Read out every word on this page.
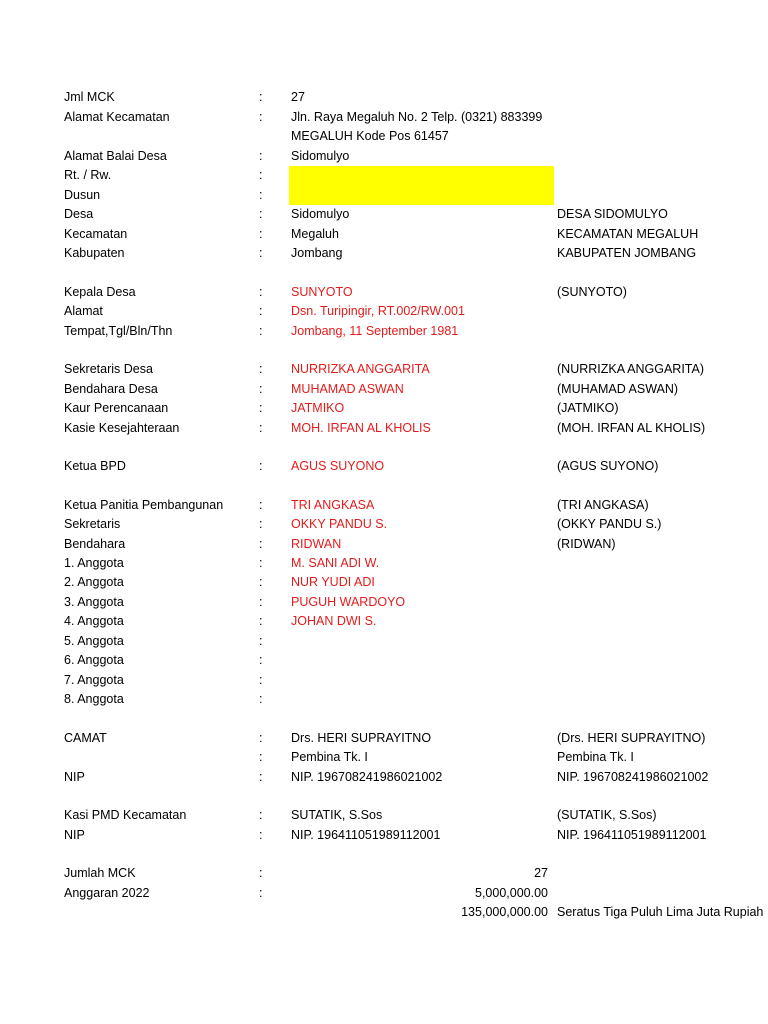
Jml MCK	: 27
Alamat Kecamatan	: Jln. Raya Megaluh No. 2 Telp. (0321) 883399
MEGALUH Kode Pos 61457
Alamat Balai Desa	: Sidomulyo
Rt. / Rw.	:
Dusun	:
Desa	: Sidomulyo	DESA SIDOMULYO
Kecamatan	: Megaluh	KECAMATAN MEGALUH
Kabupaten	: Jombang	KABUPATEN JOMBANG
Kepala Desa	: SUNYOTO	(SUNYOTO)
Alamat	: Dsn. Turipingir, RT.002/RW.001
Tempat,Tgl/Bln/Thn	: Jombang, 11 September 1981
Sekretaris Desa	: NURRIZKA ANGGARITA	(NURRIZKA ANGGARITA)
Bendahara Desa	: MUHAMAD ASWAN	(MUHAMAD ASWAN)
Kaur Perencanaan	: JATMIKO	(JATMIKO)
Kasie Kesejahteraan	: MOH. IRFAN AL KHOLIS	(MOH. IRFAN AL KHOLIS)
Ketua BPD	: AGUS SUYONO	(AGUS SUYONO)
Ketua Panitia Pembangunan	: TRI ANGKASA	(TRI ANGKASA)
Sekretaris	: OKKY PANDU S.	(OKKY PANDU S.)
Bendahara	: RIDWAN	(RIDWAN)
1. Anggota	: M. SANI ADI W.
2. Anggota	: NUR YUDI ADI
3. Anggota	: PUGUH WARDOYO
4. Anggota	: JOHAN DWI S.
5. Anggota	:
6. Anggota	:
7. Anggota	:
8. Anggota	:
CAMAT	: Drs. HERI SUPRAYITNO	(Drs. HERI SUPRAYITNO)
: Pembina Tk. I	Pembina Tk. I
NIP	: NIP. 196708241986021002	NIP. 196708241986021002
Kasi PMD Kecamatan	: SUTATIK, S.Sos	(SUTATIK, S.Sos)
NIP	: NIP. 196411051989112001	NIP. 196411051989112001
Jumlah MCK	:	27
Anggaran 2022	:	5,000,000.00
135,000,000.00 Seratus Tiga Puluh Lima Juta Rupiah
